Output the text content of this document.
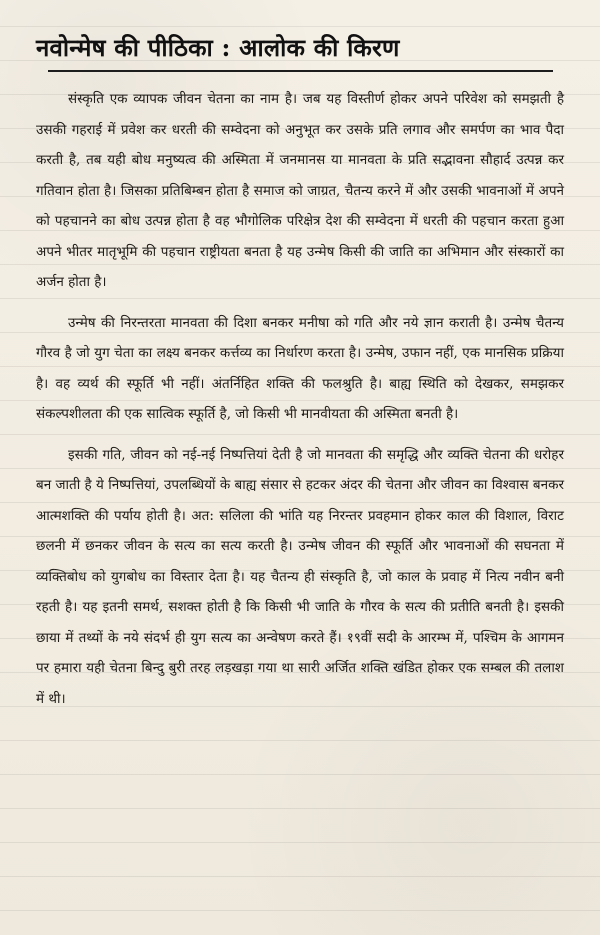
नवोन्मेष की पीठिका : आलोक की किरण

संस्कृति एक व्यापक जीवन चेतना का नाम है। जब यह विस्तीर्ण होकर अपने परिवेश को समझती है उसकी गहराई में प्रवेश कर धरती की सम्वेदना को अनुभूत कर उसके प्रति लगाव और समर्पण का भाव पैदा करती है, तब यही बोध मनुष्यत्व की अस्मिता में जनमानस या मानवता के प्रति सद्भावना सौहार्द उत्पन्न कर गतिवान होता है। जिसका प्रतिबिम्बन होता है समाज को जाग्रत, चैतन्य करने में और उसकी भावनाओं में अपने को पहचानने का बोध उत्पन्न होता है वह भौगोलिक परिक्षेत्र देश की सम्वेदना में धरती की पहचान करता हुआ अपने भीतर मातृभूमि की पहचान राष्ट्रीयता बनता है यह उन्मेष किसी की जाति का अभिमान और संस्कारों का अर्जन होता है।

उन्मेष की निरन्तरता मानवता की दिशा बनकर मनीषा को गति और नये ज्ञान कराती है। उन्मेष चैतन्य गौरव है जो युग चेता का लक्ष्य बनकर कर्त्तव्य का निर्धारण करता है। उन्मेष, उफान नहीं, एक मानसिक प्रक्रिया है। वह व्यर्थ की स्फूर्ति भी नहीं। अंतर्निहित शक्ति की फलश्रुति है। बाह्य स्थिति को देखकर, समझकर संकल्पशीलता की एक सात्विक स्फूर्ति है, जो किसी भी मानवीयता की अस्मिता बनती है।

इसकी गति, जीवन को नई-नई निष्पत्तियां देती है जो मानवता की समृद्धि और व्यक्ति चेतना की धरोहर बन जाती है ये निष्पत्तियां, उपलब्धियों के बाह्य संसार से हटकर अंदर की चेतना और जीवन का विश्वास बनकर आत्मशक्ति की पर्याय होती है। अत: सलिला की भांति यह निरन्तर प्रवहमान होकर काल की विशाल, विराट छलनी में छनकर जीवन के सत्य का सत्य करती है। उन्मेष जीवन की स्फूर्ति और भावनाओं की सघनता में व्यक्तिबोध को युगबोध का विस्तार देता है। यह चैतन्य ही संस्कृति है, जो काल के प्रवाह में नित्य नवीन बनी रहती है। यह इतनी समर्थ, सशक्त होती है कि किसी भी जाति के गौरव के सत्य की प्रतीति बनती है। इसकी छाया में तथ्यों के नये संदर्भ ही युग सत्य का अन्वेषण करते हैं। १९वीं सदी के आरम्भ में, पश्चिम के आगमन पर हमारा यही चेतना बिन्दु बुरी तरह लड़खड़ा गया था सारी अर्जित शक्ति खंडित होकर एक सम्बल की तलाश में थी।
